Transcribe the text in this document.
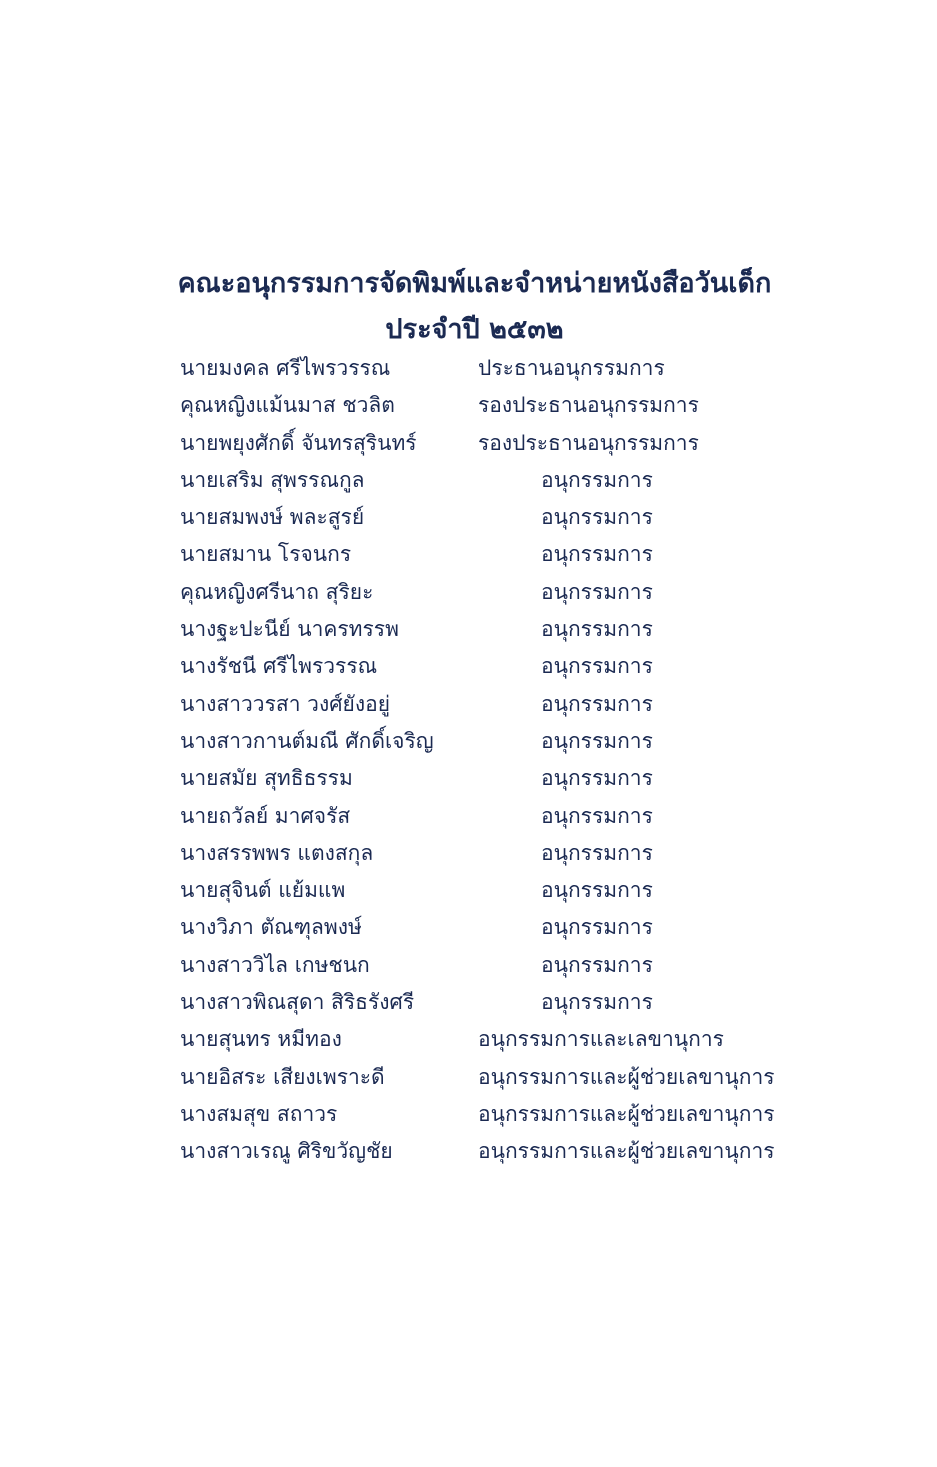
คณะอนุกรรมการจัดพิมพ์และจำหน่ายหนังสือวันเด็ก
ประจำปี ๒๕๓๒
นายมงคล ศรีไพรวรรณ	ประธานอนุกรรมการ
คุณหญิงแม้นมาส ชวลิต	รองประธานอนุกรรมการ
นายพยุงศักดิ์ จันทรสุรินทร์	รองประธานอนุกรรมการ
นายเสริม สุพรรณกูล	อนุกรรมการ
นายสมพงษ์ พละสูรย์	อนุกรรมการ
นายสมาน โรจนกร	อนุกรรมการ
คุณหญิงศรีนาถ สุริยะ	อนุกรรมการ
นางฐะปะนีย์ นาครทรรพ	อนุกรรมการ
นางรัชนี ศรีไพรวรรณ	อนุกรรมการ
นางสาววรสา วงศ์ยังอยู่	อนุกรรมการ
นางสาวกานต์มณี ศักดิ์เจริญ	อนุกรรมการ
นายสมัย สุทธิธรรม	อนุกรรมการ
นายถวัลย์ มาศจรัส	อนุกรรมการ
นางสรรพพร แตงสกุล	อนุกรรมการ
นายสุจินต์ แย้มแพ	อนุกรรมการ
นางวิภา ตัณฑุลพงษ์	อนุกรรมการ
นางสาววิไล เกษชนก	อนุกรรมการ
นางสาวพิณสุดา สิริธรังศรี	อนุกรรมการ
นายสุนทร หมีทอง	อนุกรรมการและเลขานุการ
นายอิสระ เสียงเพราะดี	อนุกรรมการและผู้ช่วยเลขานุการ
นางสมสุข สถาวร	อนุกรรมการและผู้ช่วยเลขานุการ
นางสาวเรณู ศิริขวัญชัย	อนุกรรมการและผู้ช่วยเลขานุการ
